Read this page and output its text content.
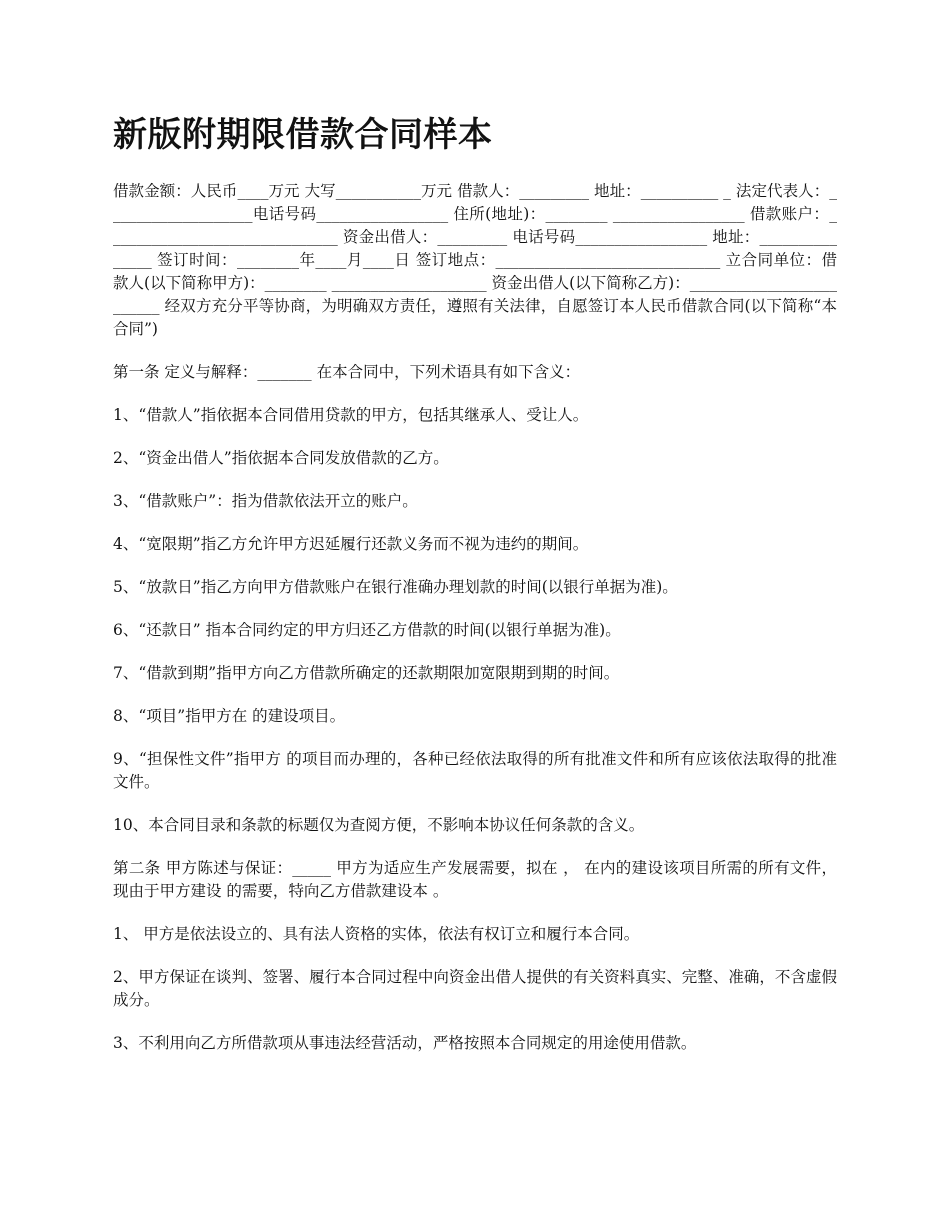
新版附期限借款合同样本

借款金额：人民币____万元 大写___________万元 借款人：_________ 地址：__________ _ 法定代表人：___________________电话号码_________________ 住所(地址)：________ _________________ 借款账户：______________________________ 资金出借人：_________ 电话号码_________________ 地址：_______________ 签订时间：________年____月____日 签订地点：_____________________________ 立合同单位：借款人(以下简称甲方)：________ ____________________ 资金出借人(以下简称乙方)：_________________________ 经双方充分平等协商，为明确双方责任，遵照有关法律，自愿签订本人民币借款合同(以下简称“本合同”)

第一条 定义与解释：_______ 在本合同中，下列术语具有如下含义：

1、“借款人”指依据本合同借用贷款的甲方，包括其继承人、受让人。

2、“资金出借人”指依据本合同发放借款的乙方。

3、“借款账户”：指为借款依法开立的账户。

4、“宽限期”指乙方允许甲方迟延履行还款义务而不视为违约的期间。

5、“放款日”指乙方向甲方借款账户在银行准确办理划款的时间(以银行单据为准)。

6、“还款日” 指本合同约定的甲方归还乙方借款的时间(以银行单据为准)。

7、“借款到期”指甲方向乙方借款所确定的还款期限加宽限期到期的时间。

8、“项目”指甲方在 的建设项目。

9、“担保性文件”指甲方 的项目而办理的，各种已经依法取得的所有批准文件和所有应该依法取得的批准文件。

10、本合同目录和条款的标题仅为查阅方便，不影响本协议任何条款的含义。

第二条 甲方陈述与保证：_____ 甲方为适应生产发展需要，拟在 ， 在内的建设该项目所需的所有文件，现由于甲方建设 的需要，特向乙方借款建设本 。

1、 甲方是依法设立的、具有法人资格的实体，依法有权订立和履行本合同。

2、甲方保证在谈判、签署、履行本合同过程中向资金出借人提供的有关资料真实、完整、准确，不含虚假成分。

3、不利用向乙方所借款项从事违法经营活动，严格按照本合同规定的用途使用借款。
